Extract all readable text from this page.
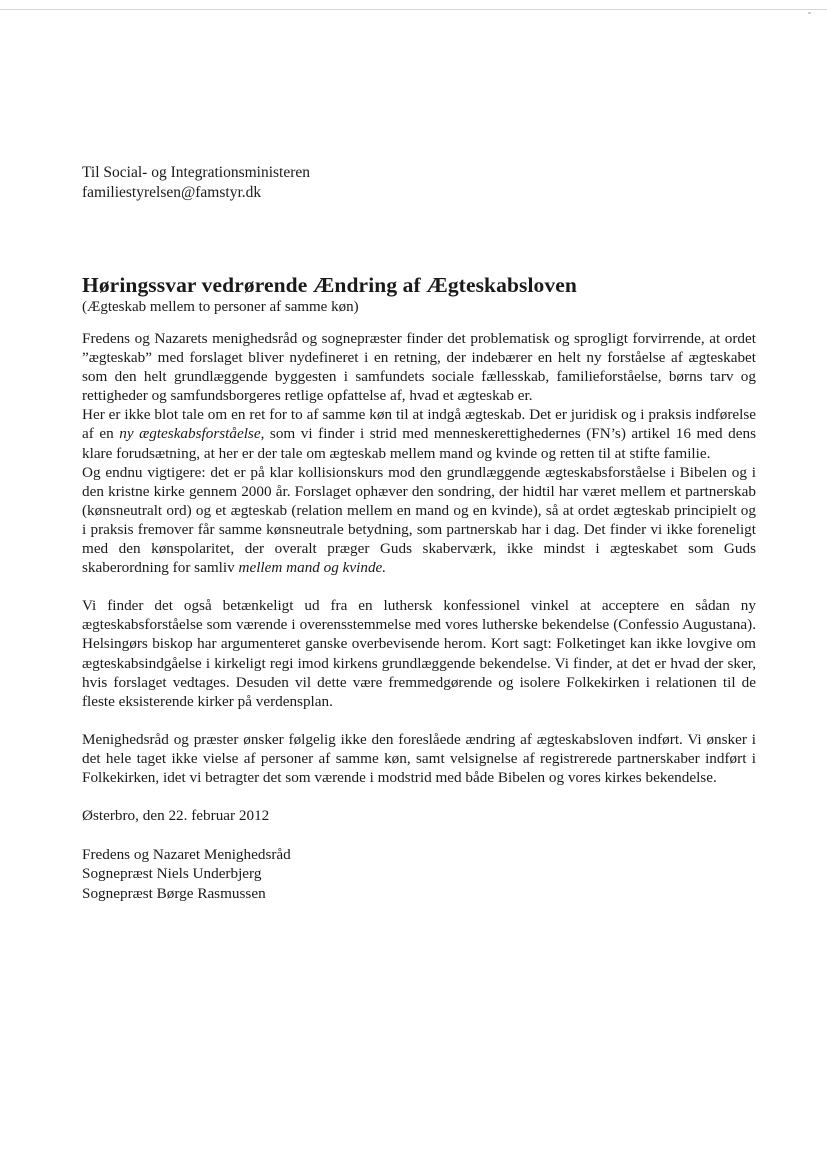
Til Social- og Integrationsministeren

familiestyrelsen@famstyr.dk

Høringssvar vedrørende Ændring af Ægteskabsloven

(Ægteskab mellem to personer af samme køn)

Fredens og Nazarets menighedsråd og sognepræster finder det problematisk og sprogligt forvirrende, at ordet ”ægteskab” med forslaget bliver nydefineret i en retning, der indebærer en helt ny forståelse af ægteskabet som den helt grundlæggende byggesten i samfundets sociale fællesskab, familieforståelse, børns tarv og rettigheder og samfundsborgeres retlige opfattelse af, hvad et ægteskab er.

Her er ikke blot tale om en ret for to af samme køn til at indgå ægteskab. Det er juridisk og i praksis indførelse af en ny ægteskabsforståelse, som vi finder i strid med menneskerettighedernes (FN’s) artikel 16 med dens klare forudsætning, at her er der tale om ægteskab mellem mand og kvinde og retten til at stifte familie.

Og endnu vigtigere: det er på klar kollisionskurs mod den grundlæggende ægteskabsforståelse i Bibelen og i den kristne kirke gennem 2000 år. Forslaget ophæver den sondring, der hidtil har været mellem et partnerskab (kønsneutralt ord) og et ægteskab (relation mellem en mand og en kvinde), så at ordet ægteskab principielt og i praksis fremover får samme kønsneutrale betydning, som partnerskab har i dag. Det finder vi ikke foreneligt med den kønspolaritet, der overalt præger Guds skaberværk, ikke mindst i ægteskabet som Guds skaberordning for samliv mellem mand og kvinde.

Vi finder det også betænkeligt ud fra en luthersk konfessionel vinkel at acceptere en sådan ny ægteskabsforståelse som værende i overensstemmelse med vores lutherske bekendelse (Confessio Augustana). Helsingørs biskop har argumenteret ganske overbevisende herom. Kort sagt: Folketinget kan ikke lovgive om ægteskabsindgåelse i kirkeligt regi imod kirkens grundlæggende bekendelse. Vi finder, at det er hvad der sker, hvis forslaget vedtages. Desuden vil dette være fremmedgørende og isolere Folkekirken i relationen til de fleste eksisterende kirker på verdensplan.

Menighedsråd og præster ønsker følgelig ikke den foreslåede ændring af ægteskabsloven indført. Vi ønsker i det hele taget ikke vielse af personer af samme køn, samt velsignelse af registrerede partnerskaber indført i Folkekirken, idet vi betragter det som værende i modstrid med både Bibelen og vores kirkes bekendelse.

Østerbro, den 22. februar 2012

Fredens og Nazaret Menighedsråd

Sognepræst Niels Underbjerg

Sognepræst Børge Rasmussen
